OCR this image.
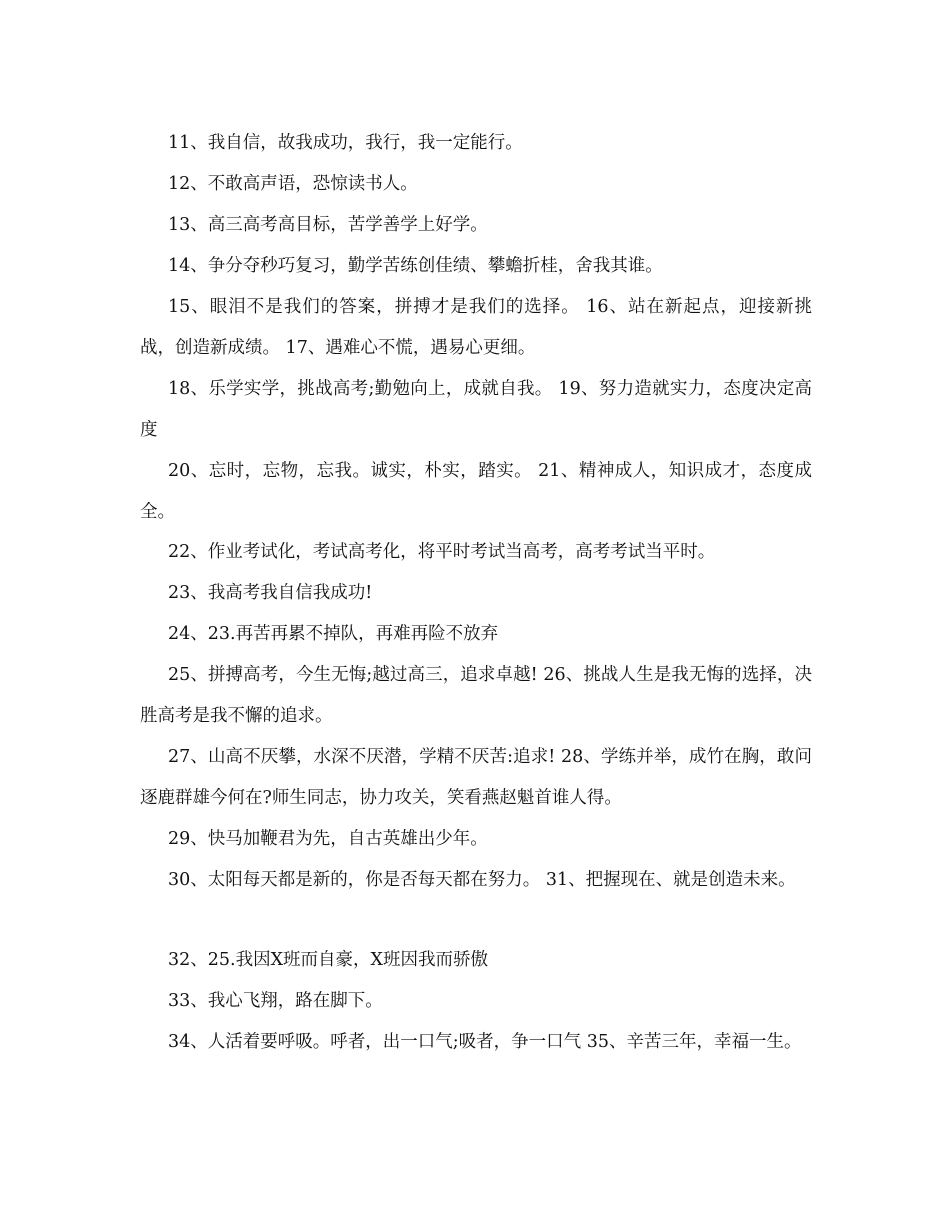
11、我自信，故我成功，我行，我一定能行。

12、不敢高声语，恐惊读书人。

13、高三高考高目标，苦学善学上好学。

14、争分夺秒巧复习，勤学苦练创佳绩、攀蟾折桂，舍我其谁。

15、眼泪不是我们的答案，拼搏才是我们的选择。 16、站在新起点，迎接新挑战，创造新成绩。 17、遇难心不慌，遇易心更细。

18、乐学实学，挑战高考;勤勉向上，成就自我。 19、努力造就实力，态度决定高度

20、忘时，忘物，忘我。诚实，朴实，踏实。 21、精神成人，知识成才，态度成全。

22、作业考试化，考试高考化，将平时考试当高考，高考考试当平时。

23、我高考我自信我成功!

24、23.再苦再累不掉队，再难再险不放弃

25、拼搏高考，今生无悔;越过高三，追求卓越! 26、挑战人生是我无悔的选择，决胜高考是我不懈的追求。

27、山高不厌攀，水深不厌潜，学精不厌苦:追求! 28、学练并举，成竹在胸，敢问逐鹿群雄今何在?师生同志，协力攻关，笑看燕赵魁首谁人得。

29、快马加鞭君为先，自古英雄出少年。

30、太阳每天都是新的，你是否每天都在努力。 31、把握现在、就是创造未来。

32、25.我因X班而自豪，X班因我而骄傲

33、我心飞翔，路在脚下。

34、人活着要呼吸。呼者，出一口气;吸者，争一口气 35、辛苦三年，幸福一生。
